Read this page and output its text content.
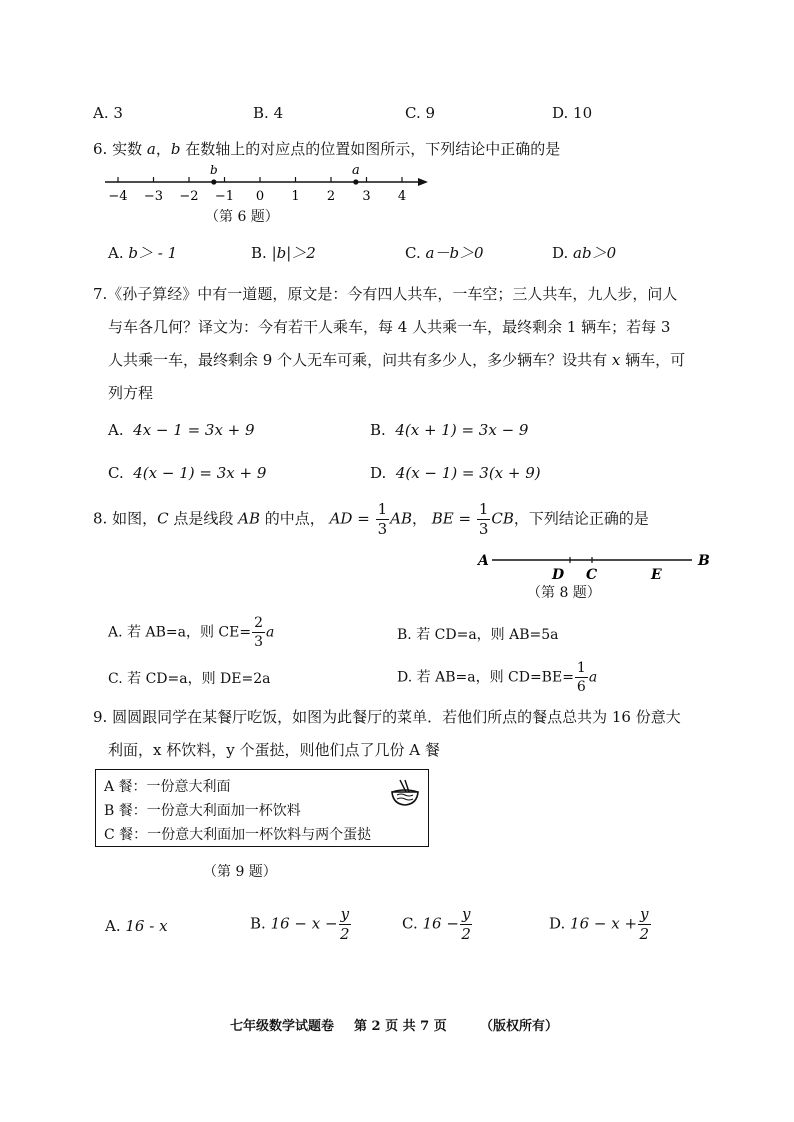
A. 3	B. 4	C. 9	D. 10
6. 实数 a，b 在数轴上的对应点的位置如图所示，下列结论中正确的是
−4 −3 −2 −1 0 1 2 3 4
b	a
（第 6 题）
A. b＞ - 1	B. |b|＞2	C. a－b＞0	D. ab＞0
7.《孙子算经》中有一道题，原文是：今有四人共车，一车空；三人共车，九人步，问人
与车各几何？译文为：今有若干人乘车，每 4 人共乘一车，最终剩余 1 辆车；若每 3
人共乘一车，最终剩余 9 个人无车可乘，问共有多少人，多少辆车？设共有 x 辆车，可
列方程
A. 4x − 1 = 3x + 9	B. 4(x + 1) = 3x − 9
C. 4(x − 1) = 3x + 9	D. 4(x − 1) = 3(x + 9)
8. 如图，C 点是线段 AB 的中点， AD = $\frac{1}{3}$ AB， BE = $\frac{1}{3}$ CB，下列结论正确的是
A	B
D C	E
（第 8 题）
A. 若 AB=a，则 $CE= \frac{2}{3}$ a	B. 若 CD=a，则 AB=5a
C. 若 CD=a，则 DE=2a	D. 若 AB=a，则 $CD=BE= \frac{1}{6}$ a
9. 圆圆跟同学在某餐厅吃饭，如图为此餐厅的菜单．若他们所点的餐点总共为 16 份意大
利面，x 杯饮料，y 个蛋挞，则他们点了几份 A 餐
A 餐：一份意大利面
B 餐：一份意大利面加一杯饮料
C 餐：一份意大利面加一杯饮料与两个蛋挞
（第 9 题）
A. 16 - x	B. $16 - x - \frac{y}{2}$	C. $16 - \frac{y}{2}$	D. $16 - x + \frac{y}{2}$
七年级数学试题卷 第 2 页 共 7 页	（版权所有）
